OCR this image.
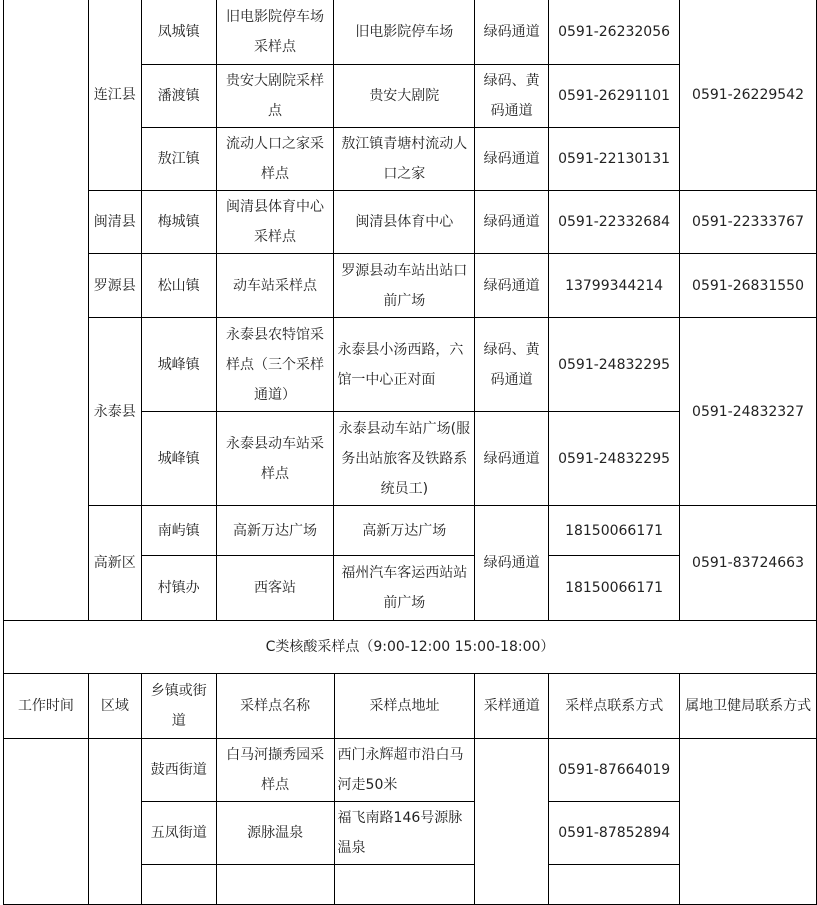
	连江县	凤城镇	旧电影院停车场采样点	旧电影院停车场	绿码通道	0591-26232056	0591-26229542
		潘渡镇	贵安大剧院采样点	贵安大剧院	绿码、黄码通道	0591-26291101	
		敖江镇	流动人口之家采样点	敖江镇青塘村流动人口之家	绿码通道	0591-22130131	
	闽清县	梅城镇	闽清县体育中心采样点	闽清县体育中心	绿码通道	0591-22332684	0591-22333767
	罗源县	松山镇	动车站采样点	罗源县动车站出站口前广场	绿码通道	13799344214	0591-26831550
	永泰县	城峰镇	永泰县农特馆采样点（三个采样通道）	永泰县小汤西路，六馆一中心正对面	绿码、黄码通道	0591-24832295	0591-24832327
		城峰镇	永泰县动车站采样点	永泰县动车站广场(服务出站旅客及铁路系统员工)	绿码通道	0591-24832295	
	高新区	南屿镇	高新万达广场	高新万达广场	绿码通道	18150066171	0591-83724663
		村镇办	西客站	福州汽车客运西站站前广场		18150066171	
C类核酸采样点（9:00-12:00 15:00-18:00）							
工作时间	区域	乡镇或街道	采样点名称	采样点地址	采样通道	采样点联系方式	属地卫健局联系方式
		鼓西街道	白马河撷秀园采样点	西门永辉超市沿白马河走50米		0591-87664019	
		五凤街道	源脉温泉	福飞南路146号源脉温泉		0591-87852894	
